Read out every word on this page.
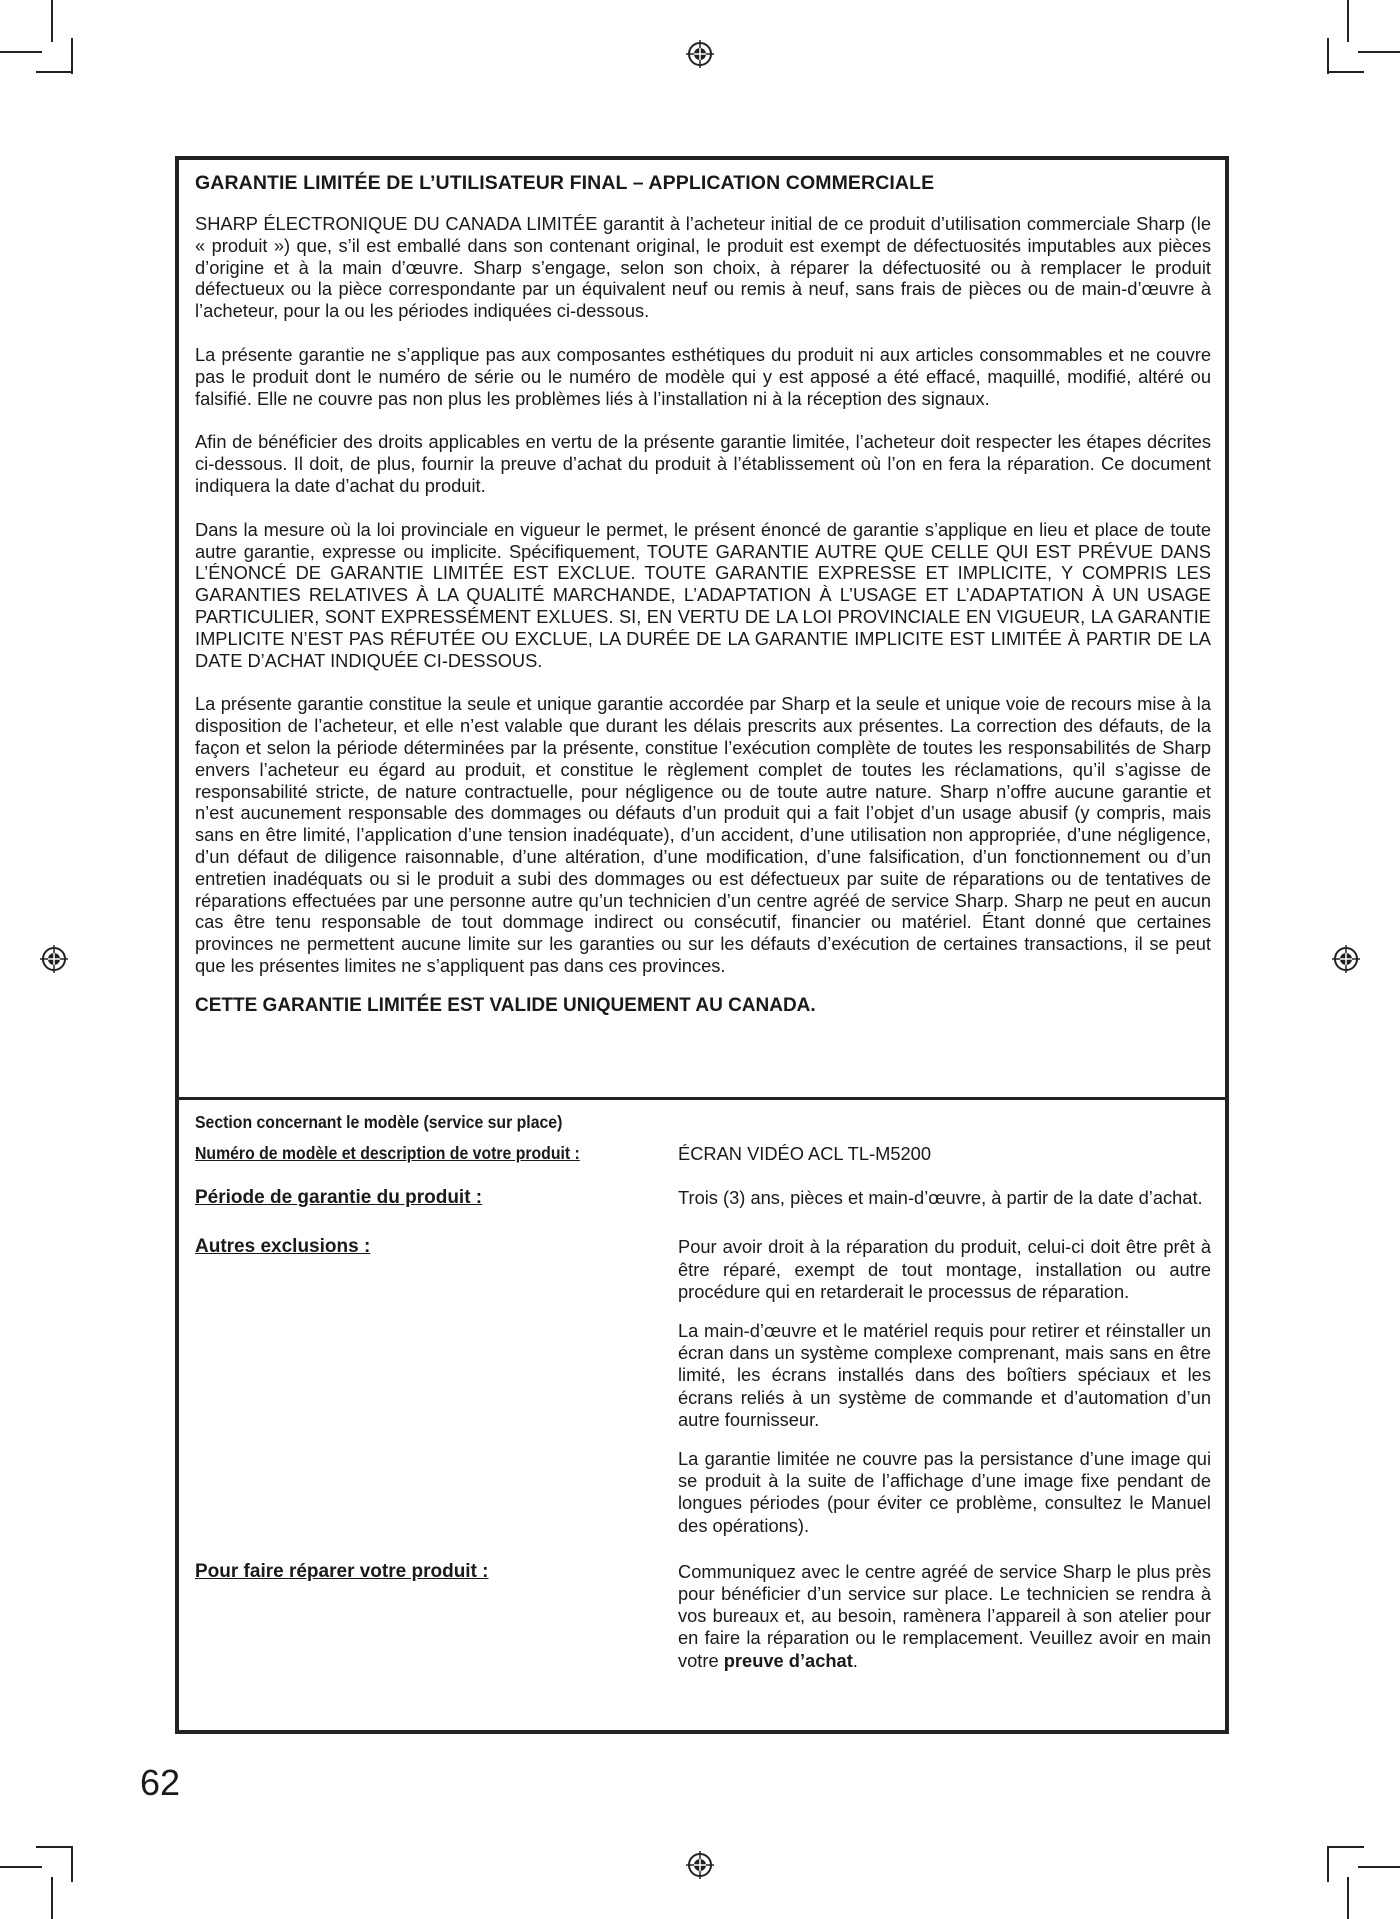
GARANTIE LIMITÉE DE L’UTILISATEUR FINAL – APPLICATION COMMERCIALE

SHARP ÉLECTRONIQUE DU CANADA LIMITÉE garantit à l’acheteur initial de ce produit d’utilisation commerciale Sharp (le « produit ») que, s’il est emballé dans son contenant original, le produit est exempt de défectuosités imputables aux pièces d’origine et à la main d’œuvre. Sharp s’engage, selon son choix, à réparer la défectuosité ou à remplacer le produit défectueux ou la pièce correspondante par un équivalent neuf ou remis à neuf, sans frais de pièces ou de main-d’œuvre à l’acheteur, pour la ou les périodes indiquées ci-dessous.

La présente garantie ne s’applique pas aux composantes esthétiques du produit ni aux articles consommables et ne couvre pas le produit dont le numéro de série ou le numéro de modèle qui y est apposé a été effacé, maquillé, modifié, altéré ou falsifié. Elle ne couvre pas non plus les problèmes liés à l’installation ni à la réception des signaux.

Afin de bénéficier des droits applicables en vertu de la présente garantie limitée, l’acheteur doit respecter les étapes décrites ci-dessous. Il doit, de plus, fournir la preuve d’achat du produit à l’établissement où l’on en fera la réparation. Ce document indiquera la date d’achat du produit.

Dans la mesure où la loi provinciale en vigueur le permet, le présent énoncé de garantie s’applique en lieu et place de toute autre garantie, expresse ou implicite. Spécifiquement, TOUTE GARANTIE AUTRE QUE CELLE QUI EST PRÉVUE DANS L’ÉNONCÉ DE GARANTIE LIMITÉE EST EXCLUE. TOUTE GARANTIE EXPRESSE ET IMPLICITE, Y COMPRIS LES GARANTIES RELATIVES À LA QUALITÉ MARCHANDE, L’ADAPTATION À L’USAGE ET L’ADAPTATION À UN USAGE PARTICULIER, SONT EXPRESSÉMENT EXLUES. SI, EN VERTU DE LA LOI PROVINCIALE EN VIGUEUR, LA GARANTIE IMPLICITE N’EST PAS RÉFUTÉE OU EXCLUE, LA DURÉE DE LA GARANTIE IMPLICITE EST LIMITÉE À PARTIR DE LA DATE D’ACHAT INDIQUÉE CI-DESSOUS.

La présente garantie constitue la seule et unique garantie accordée par Sharp et la seule et unique voie de recours mise à la disposition de l’acheteur, et elle n’est valable que durant les délais prescrits aux présentes. La correction des défauts, de la façon et selon la période déterminées par la présente, constitue l’exécution complète de toutes les responsabilités de Sharp envers l’acheteur eu égard au produit, et constitue le règlement complet de toutes les réclamations, qu’il s’agisse de responsabilité stricte, de nature contractuelle, pour négligence ou de toute autre nature. Sharp n’offre aucune garantie et n’est aucunement responsable des dommages ou défauts d’un produit qui a fait l’objet d’un usage abusif (y compris, mais sans en être limité, l’application d’une tension inadéquate), d’un accident, d’une utilisation non appropriée, d’une négligence, d’un défaut de diligence raisonnable, d’une altération, d’une modification, d’une falsification, d’un fonctionnement ou d’un entretien inadéquats ou si le produit a subi des dommages ou est défectueux par suite de réparations ou de tentatives de réparations effectuées par une personne autre qu’un technicien d’un centre agréé de service Sharp. Sharp ne peut en aucun cas être tenu responsable de tout dommage indirect ou consécutif, financier ou matériel. Étant donné que certaines provinces ne permettent aucune limite sur les garanties ou sur les défauts d’exécution de certaines transactions, il se peut que les présentes limites ne s’appliquent pas dans ces provinces.

CETTE GARANTIE LIMITÉE EST VALIDE UNIQUEMENT AU CANADA.
Section concernant le modèle (service sur place)
Numéro de modèle et description de votre produit :	ÉCRAN VIDÉO ACL TL-M5200
Période de garantie du produit :	Trois (3) ans, pièces et main-d’œuvre, à partir de la date d’achat.
Autres exclusions :	Pour avoir droit à la réparation du produit, celui-ci doit être prêt à être réparé, exempt de tout montage, installation ou autre procédure qui en retarderait le processus de réparation.

La main-d’œuvre et le matériel requis pour retirer et réinstaller un écran dans un système complexe comprenant, mais sans en être limité, les écrans installés dans des boîtiers spéciaux et les écrans reliés à un système de commande et d’automation d’un autre fournisseur.

La garantie limitée ne couvre pas la persistance d’une image qui se produit à la suite de l’affichage d’une image fixe pendant de longues périodes (pour éviter ce problème, consultez le Manuel des opérations).

Pour faire réparer votre produit :	Communiquez avec le centre agréé de service Sharp le plus près pour bénéficier d’un service sur place. Le technicien se rendra à vos bureaux et, au besoin, ramènera l’appareil à son atelier pour en faire la réparation ou le remplacement. Veuillez avoir en main votre preuve d’achat.
62
